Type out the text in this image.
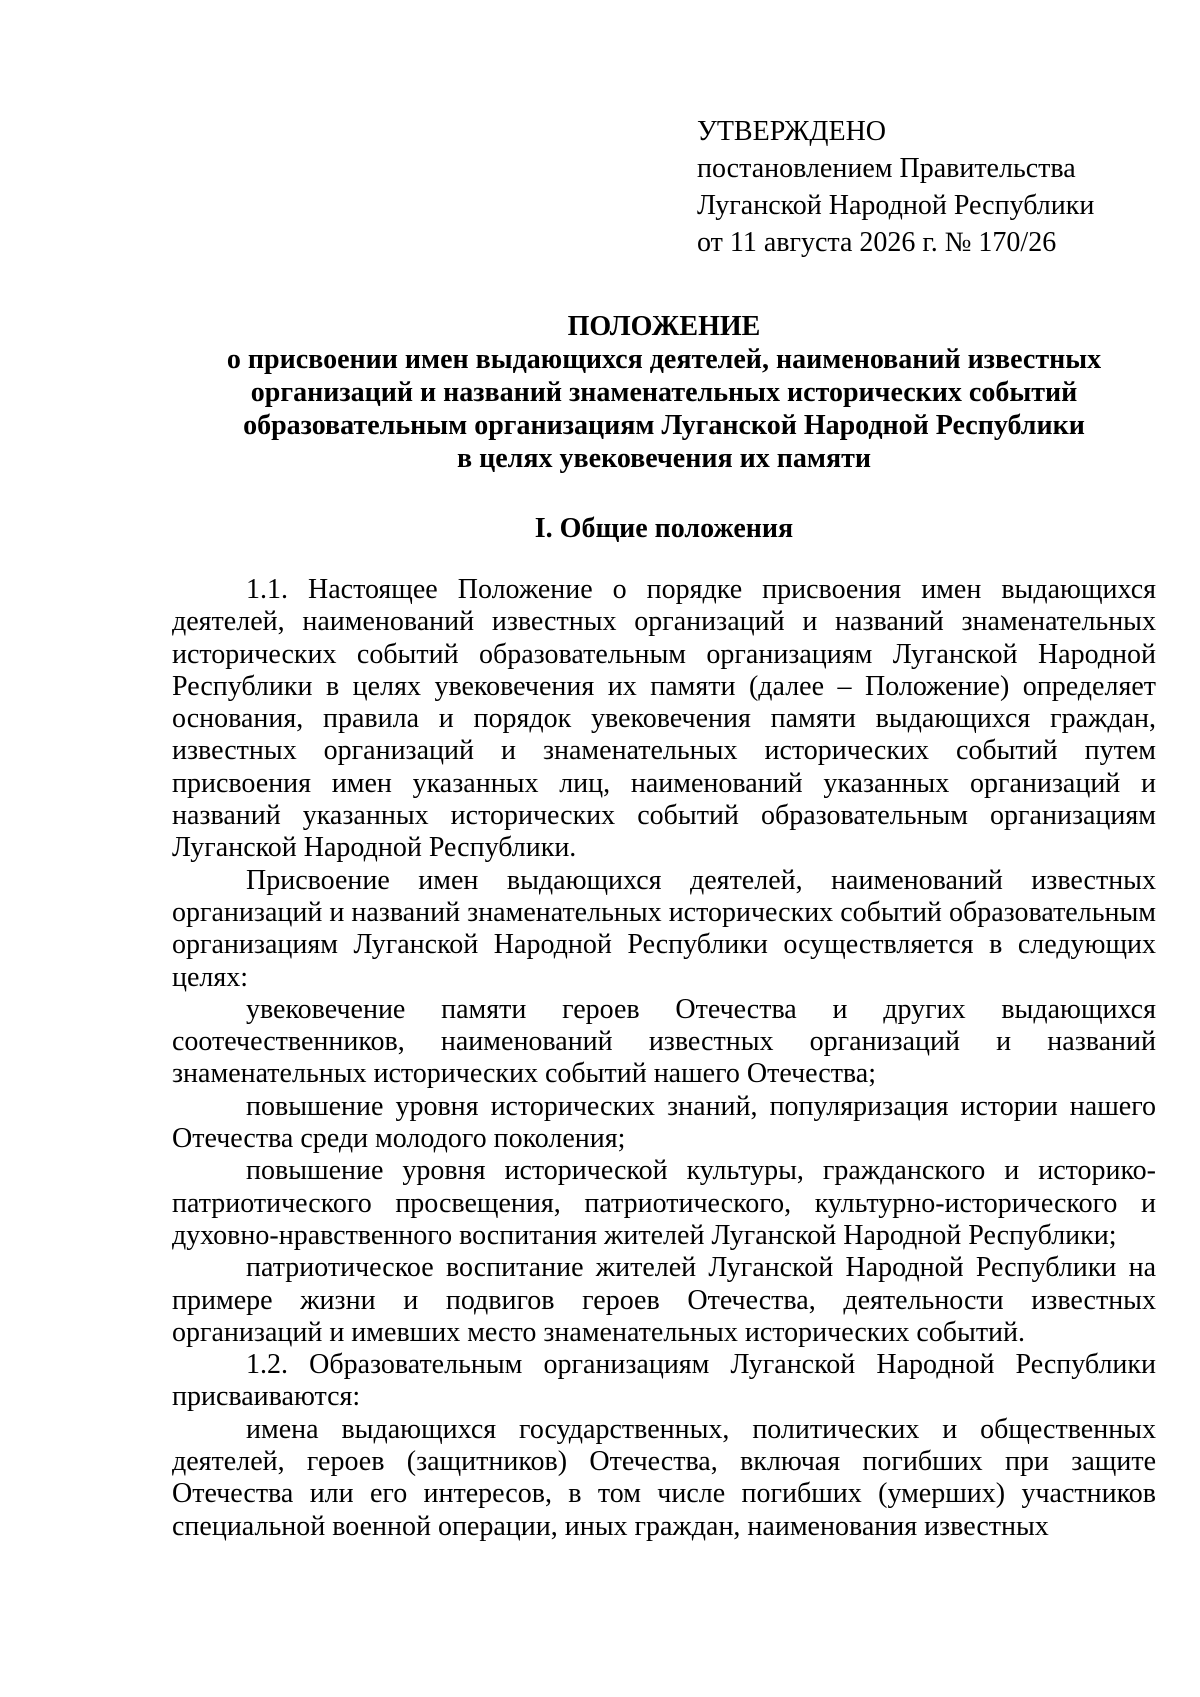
УТВЕРЖДЕНО
постановлением Правительства
Луганской Народной Республики
от 11 августа 2026 г. № 170/26
ПОЛОЖЕНИЕ
о присвоении имен выдающихся деятелей, наименований известных
организаций и названий знаменательных исторических событий
образовательным организациям Луганской Народной Республики
в целях увековечения их памяти
I. Общие положения

1.1. Настоящее Положение о порядке присвоения имен выдающихся деятелей, наименований известных организаций и названий знаменательных исторических событий образовательным организациям Луганской Народной Республики в целях увековечения их памяти (далее – Положение) определяет основания, правила и порядок увековечения памяти выдающихся граждан, известных организаций и знаменательных исторических событий путем присвоения имен указанных лиц, наименований указанных организаций и названий указанных исторических событий образовательным организациям Луганской Народной Республики.

Присвоение имен выдающихся деятелей, наименований известных организаций и названий знаменательных исторических событий образовательным организациям Луганской Народной Республики осуществляется в следующих целях:

увековечение памяти героев Отечества и других выдающихся соотечественников, наименований известных организаций и названий знаменательных исторических событий нашего Отечества;

повышение уровня исторических знаний, популяризация истории нашего Отечества среди молодого поколения;

повышение уровня исторической культуры, гражданского и историко-патриотического просвещения, патриотического, культурно-исторического и духовно-нравственного воспитания жителей Луганской Народной Республики;

патриотическое воспитание жителей Луганской Народной Республики на примере жизни и подвигов героев Отечества, деятельности известных организаций и имевших место знаменательных исторических событий.

1.2. Образовательным организациям Луганской Народной Республики присваиваются:

имена выдающихся государственных, политических и общественных деятелей, героев (защитников) Отечества, включая погибших при защите Отечества или его интересов, в том числе погибших (умерших) участников специальной военной операции, иных граждан, наименования известных
